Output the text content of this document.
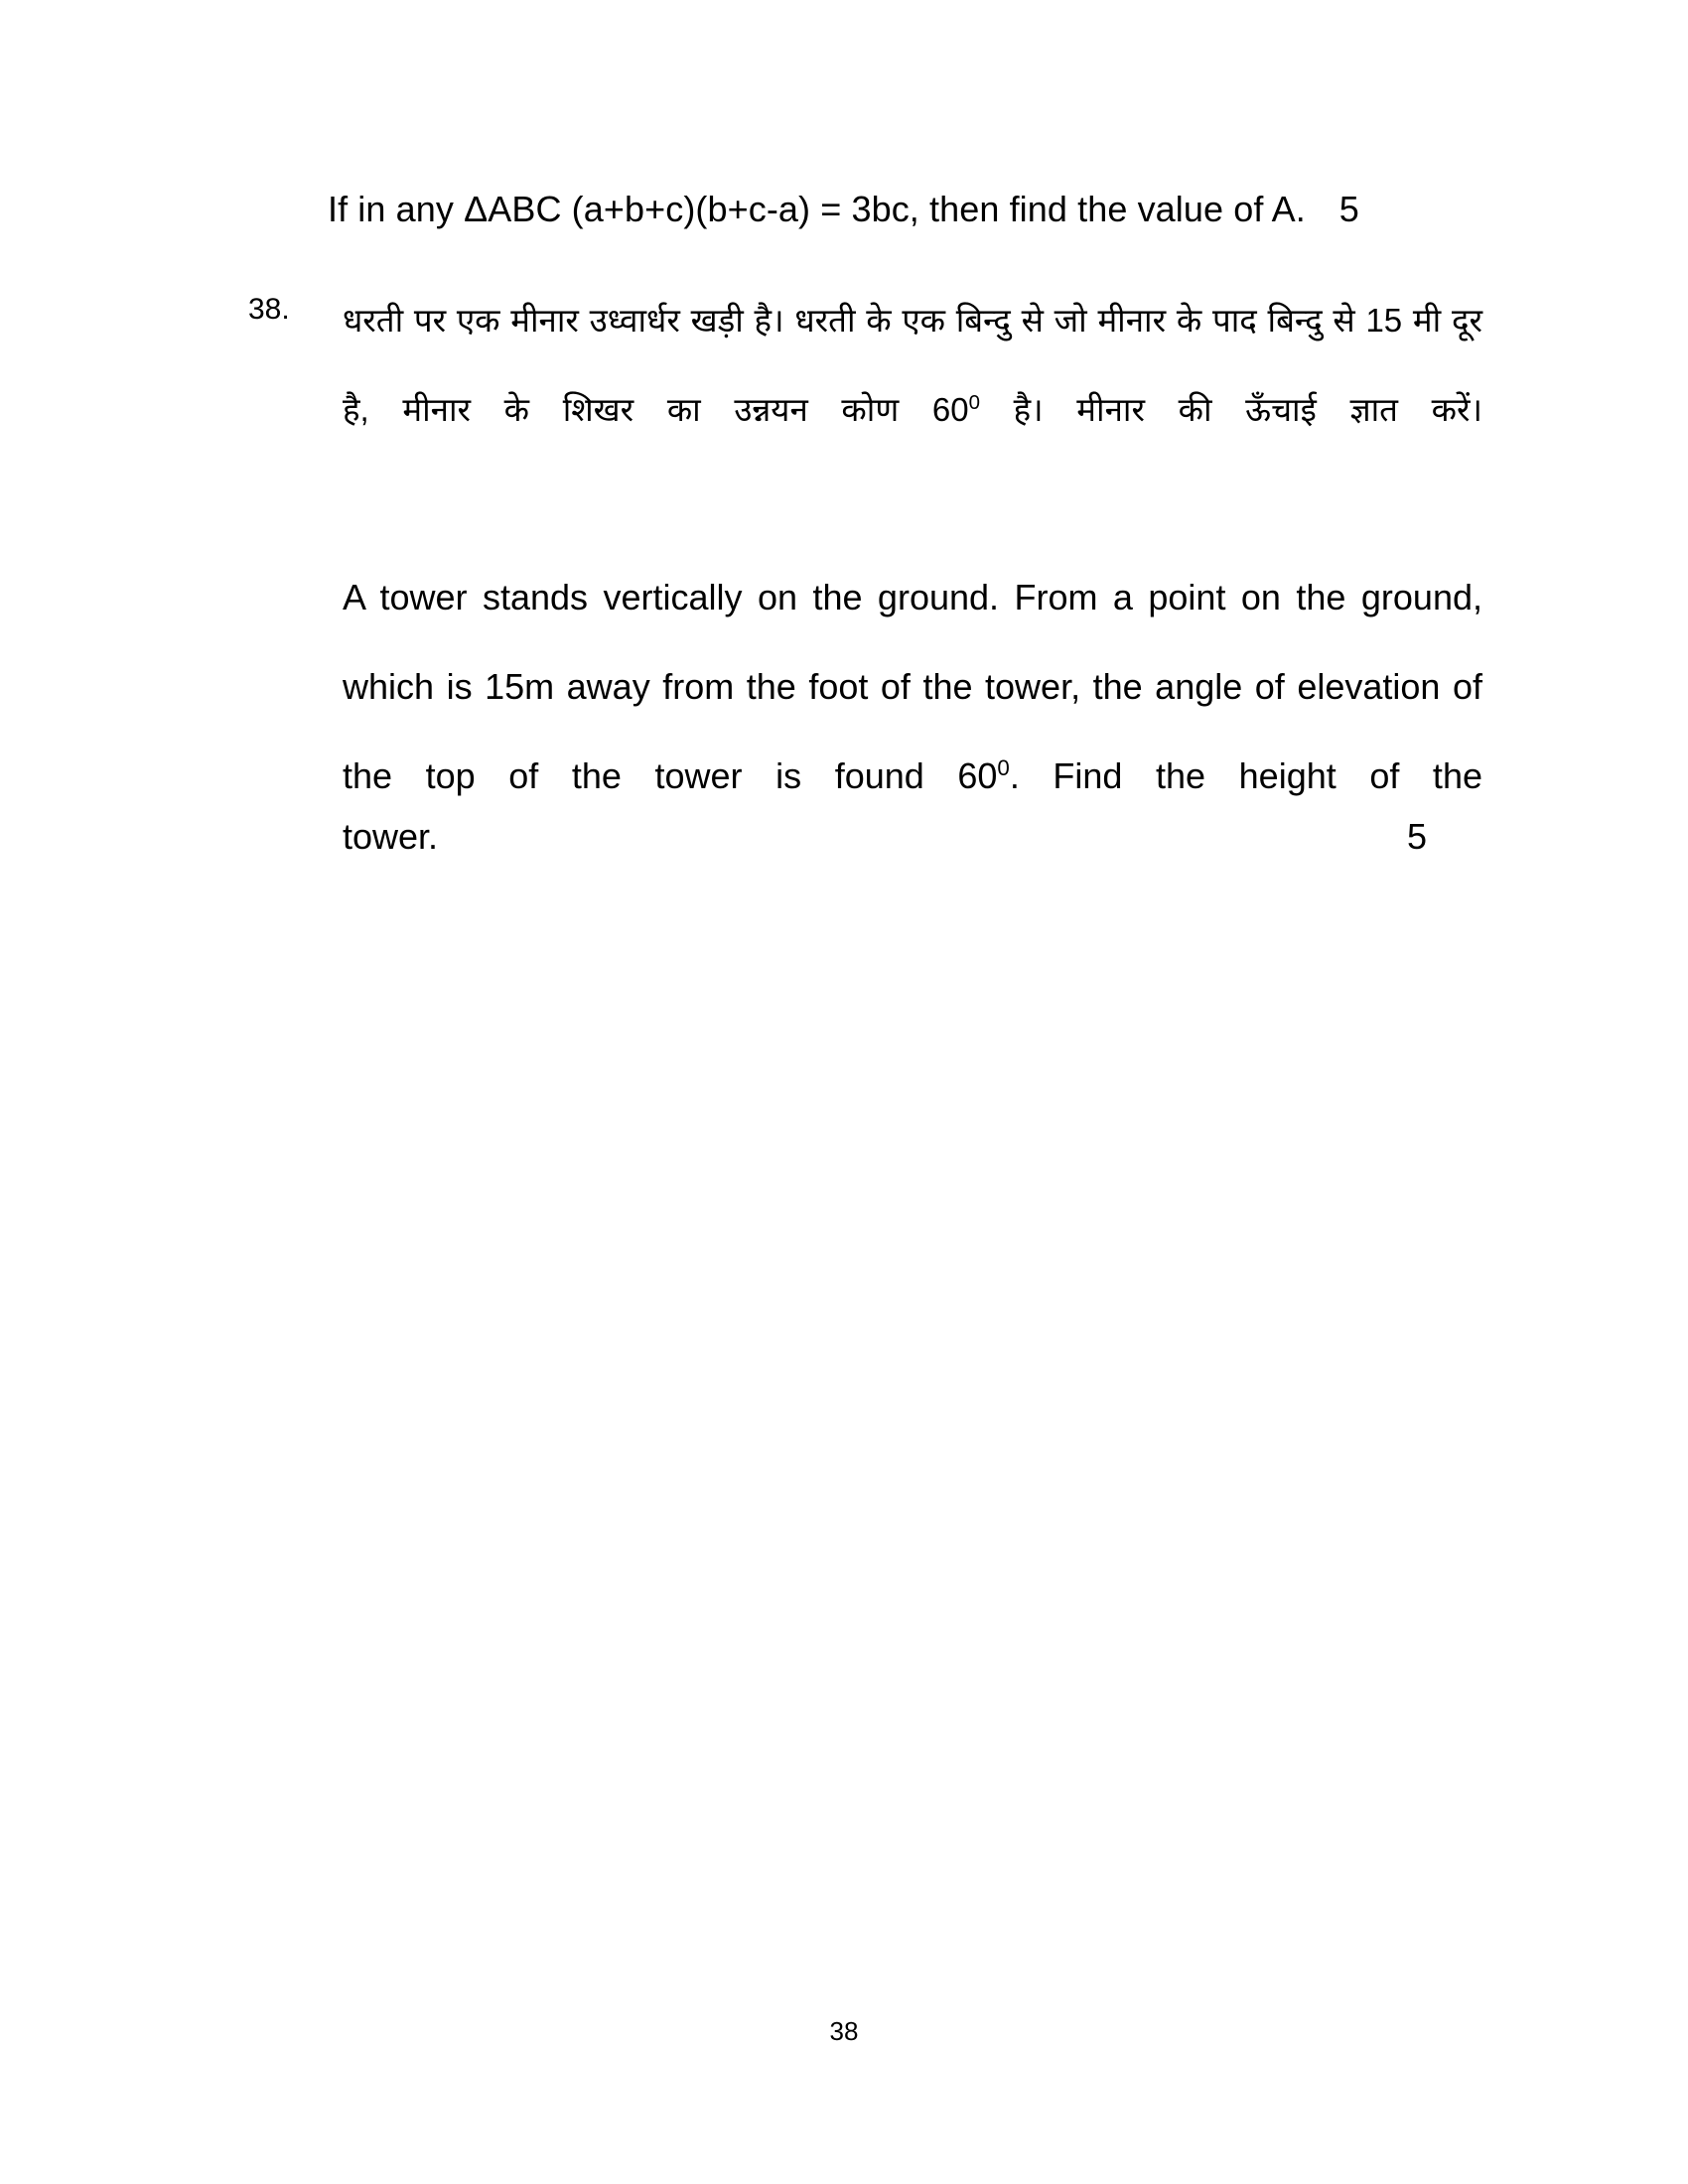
If in any ΔABC (a+b+c)(b+c-a) = 3bc, then find the value of A. 5
38. धरती पर एक मीनार उध्वार्धर खड़ी है। धरती के एक बिन्दु से जो मीनार के पाद बिन्दु से 15 मी दूर है, मीनार के शिखर का उन्नयन कोण $60^0$ है। मीनार की ऊँचाई ज्ञात करें।

A tower stands vertically on the ground. From a point on the ground, which is 15m away from the foot of the tower, the angle of elevation of the top of the tower is found $60^0$. Find the height of the

tower.	5
38
